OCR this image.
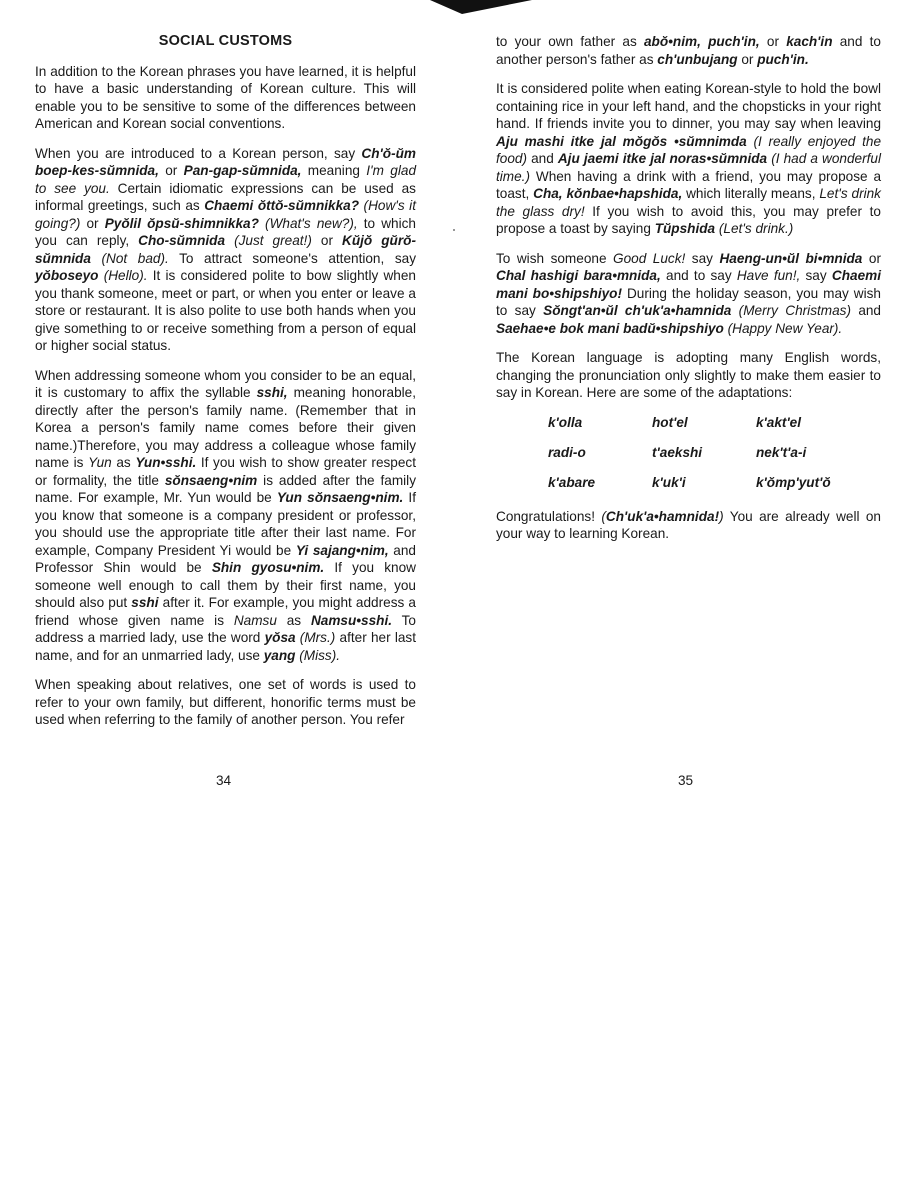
SOCIAL CUSTOMS

In addition to the Korean phrases you have learned, it is helpful to have a basic understanding of Korean culture. This will enable you to be sensitive to some of the differences between American and Korean social conventions.

When you are introduced to a Korean person, say Ch'ŏ-ŭm boep-kes-sŭmnida, or Pan-gap-sŭmnida, meaning I'm glad to see you. Certain idiomatic expressions can be used as informal greetings, such as Chaemi ŏttŏ-sŭmnikka? (How's it going?) or Pyŏlil ŏpsŭ-shimnikka? (What's new?), to which you can reply, Cho-sŭmnida (Just great!) or Kŭjŏ gŭrŏ-sŭmnida (Not bad). To attract someone's attention, say yŏboseyo (Hello). It is considered polite to bow slightly when you thank someone, meet or part, or when you enter or leave a store or restaurant. It is also polite to use both hands when you give something to or receive something from a person of equal or higher social status.

When addressing someone whom you consider to be an equal, it is customary to affix the syllable sshi, meaning honorable, directly after the person's family name. (Remember that in Korea a person's family name comes before their given name.)Therefore, you may address a colleague whose family name is Yun as Yun•sshi. If you wish to show greater respect or formality, the title sŏnsaeng•nim is added after the family name. For example, Mr. Yun would be Yun sŏnsaeng•nim. If you know that someone is a company president or professor, you should use the appropriate title after their last name. For example, Company President Yi would be Yi sajang•nim, and Professor Shin would be Shin gyosu•nim. If you know someone well enough to call them by their first name, you should also put sshi after it. For example, you might address a friend whose given name is Namsu as Namsu•sshi. To address a married lady, use the word yŏsa (Mrs.) after her last name, and for an unmarried lady, use yang (Miss).

When speaking about relatives, one set of words is used to refer to your own family, but different, honorific terms must be used when referring to the family of another person. You refer

34

to your own father as abŏ•nim, puch'in, or kach'in and to another person's father as ch'unbujang or puch'in.

It is considered polite when eating Korean-style to hold the bowl containing rice in your left hand, and the chopsticks in your right hand. If friends invite you to dinner, you may say when leaving Aju mashi itke jal mŏgŏs •sŭmnimda (I really enjoyed the food) and Aju jaemi itke jal noras•sŭmnida (I had a wonderful time.) When having a drink with a friend, you may propose a toast, Cha, kŏnbae•hapshida, which literally means, Let's drink the glass dry! If you wish to avoid this, you may prefer to propose a toast by saying Tŭpshida (Let's drink.)

To wish someone Good Luck! say Haeng-un•ŭl bi•mnida or Chal hashigi bara•mnida, and to say Have fun!, say Chaemi mani bo•shipshiyo! During the holiday season, you may wish to say Sŏngt'an•ŭl ch'uk'a•hamnida (Merry Christmas) and Saehae•e bok mani badŭ•shipshiyo (Happy New Year).

The Korean language is adopting many English words, changing the pronunciation only slightly to make them easier to say in Korean. Here are some of the adaptations:

k'olla	hot'el	k'akt'el
radi-o	t'aekshi	nek't'a-i
k'abare	k'uk'i	k'ŏmp'yut'ŏ

Congratulations! (Ch'uk'a•hamnida!) You are already well on your way to learning Korean.

35
